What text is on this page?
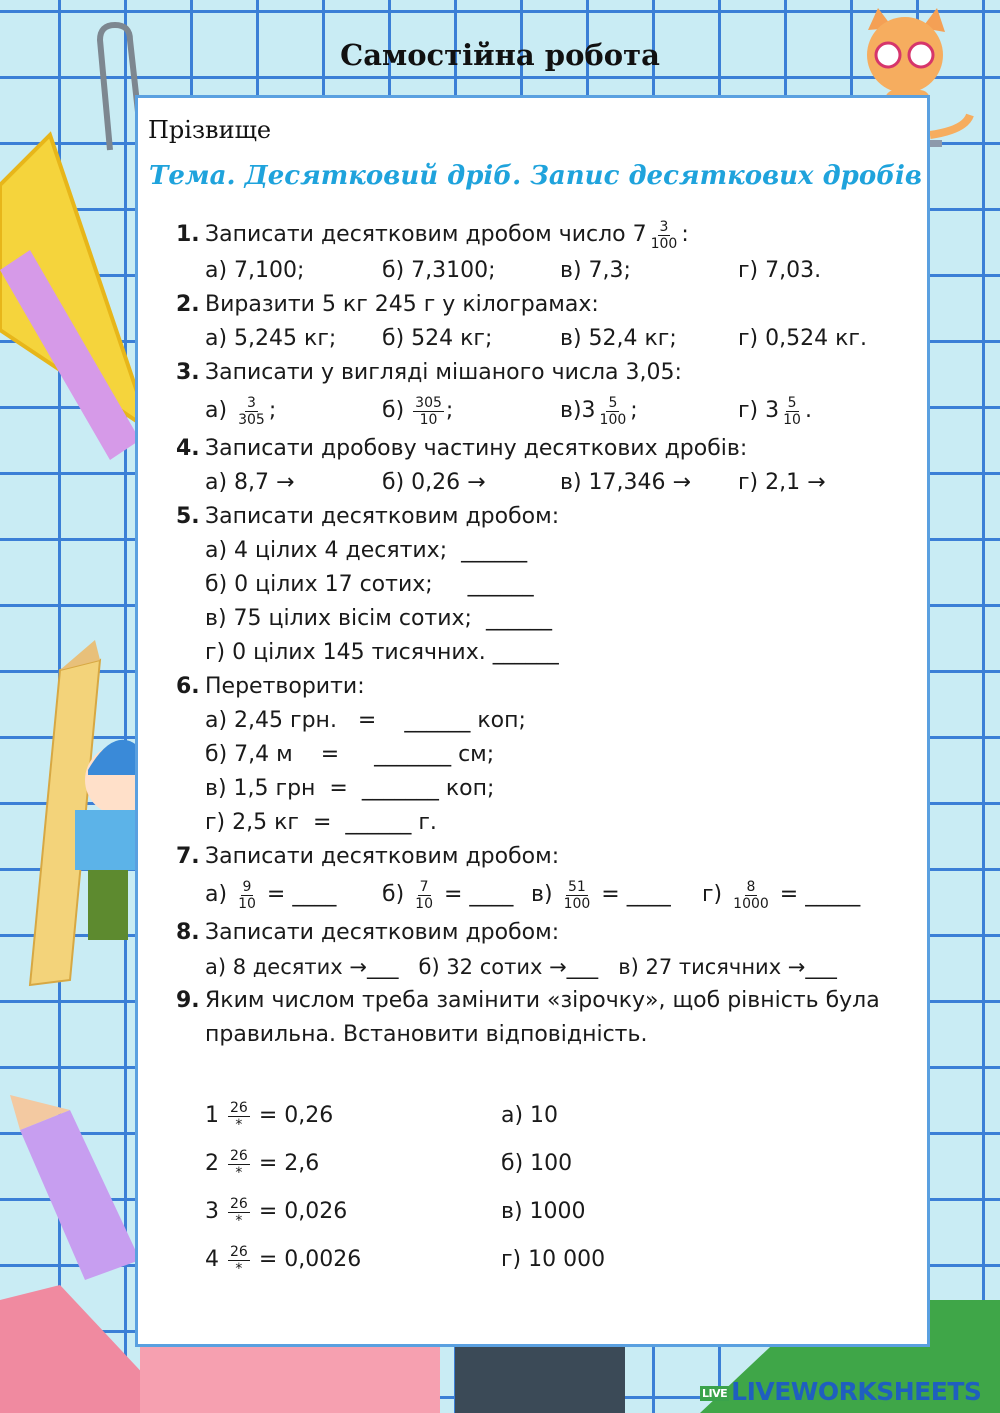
Самостійна робота
Прізвище
Тема. Десятковий дріб. Запис десяткових дробів
1. Записати десятковим дробом число $7 \frac{3}{100}$ :
а) 7,100;	б) 7,3100;	в) 7,3;	г) 7,03.
2. Виразити 5 кг 245 г у кілограмах:
а) 5,245 кг; б) 524 кг;	в) 52,4 кг;	г) 0,524 кг.
3. Записати у вигляді мішаного числа 3,05:
$а) \frac{3}{305}$ ;	$б) \frac{305}{10}$ ;	$в)3 \frac{5}{100}$ ;	г) $3 \frac{5}{10}$ .
4. Записати дробову частину десяткових дробів:
а) 8,7 →	б) 0,26 →	в) 17,346 → г) 2,1 →
5. Записати десятковим дробом:
а) 4 цілих 4 десятих;  ______
б) 0 цілих 17 сотих;     ______
в) 75 цілих вісім сотих;  ______
г) 0 цілих 145 тисячних. ______
6. Перетворити:
а) 2,45 грн.   =    ______ коп;
б) 7,4 м    =     _______ см;
в) 1,5 грн  =  _______ коп;
г) 2,5 кг  =  ______ г.
7. Записати десятковим дробом:
$а) \frac{9}{10}$ = ____ $б) \frac{7}{10}$ = ____ $в) \frac{51}{100}$ = ____ $г) \frac{8}{1000}$ = _____
8. Записати десятковим дробом:
а) 8 десятих →___   б) 32 сотих →___   в) 27 тисячних →___
9. Яким числом треба замінити «зірочку», щоб рівність була
правильна. Встановити відповідність.
$1 \frac{26}{*} = 0,26$	а) 10
$2 \frac{26}{*} = 2,6$	б) 100
$3 \frac{26}{*} = 0,026$	в) 1000
$4 \frac{26}{*} = 0,0026$	г) 10 000
LIVE LIVEWORKSHEETS
